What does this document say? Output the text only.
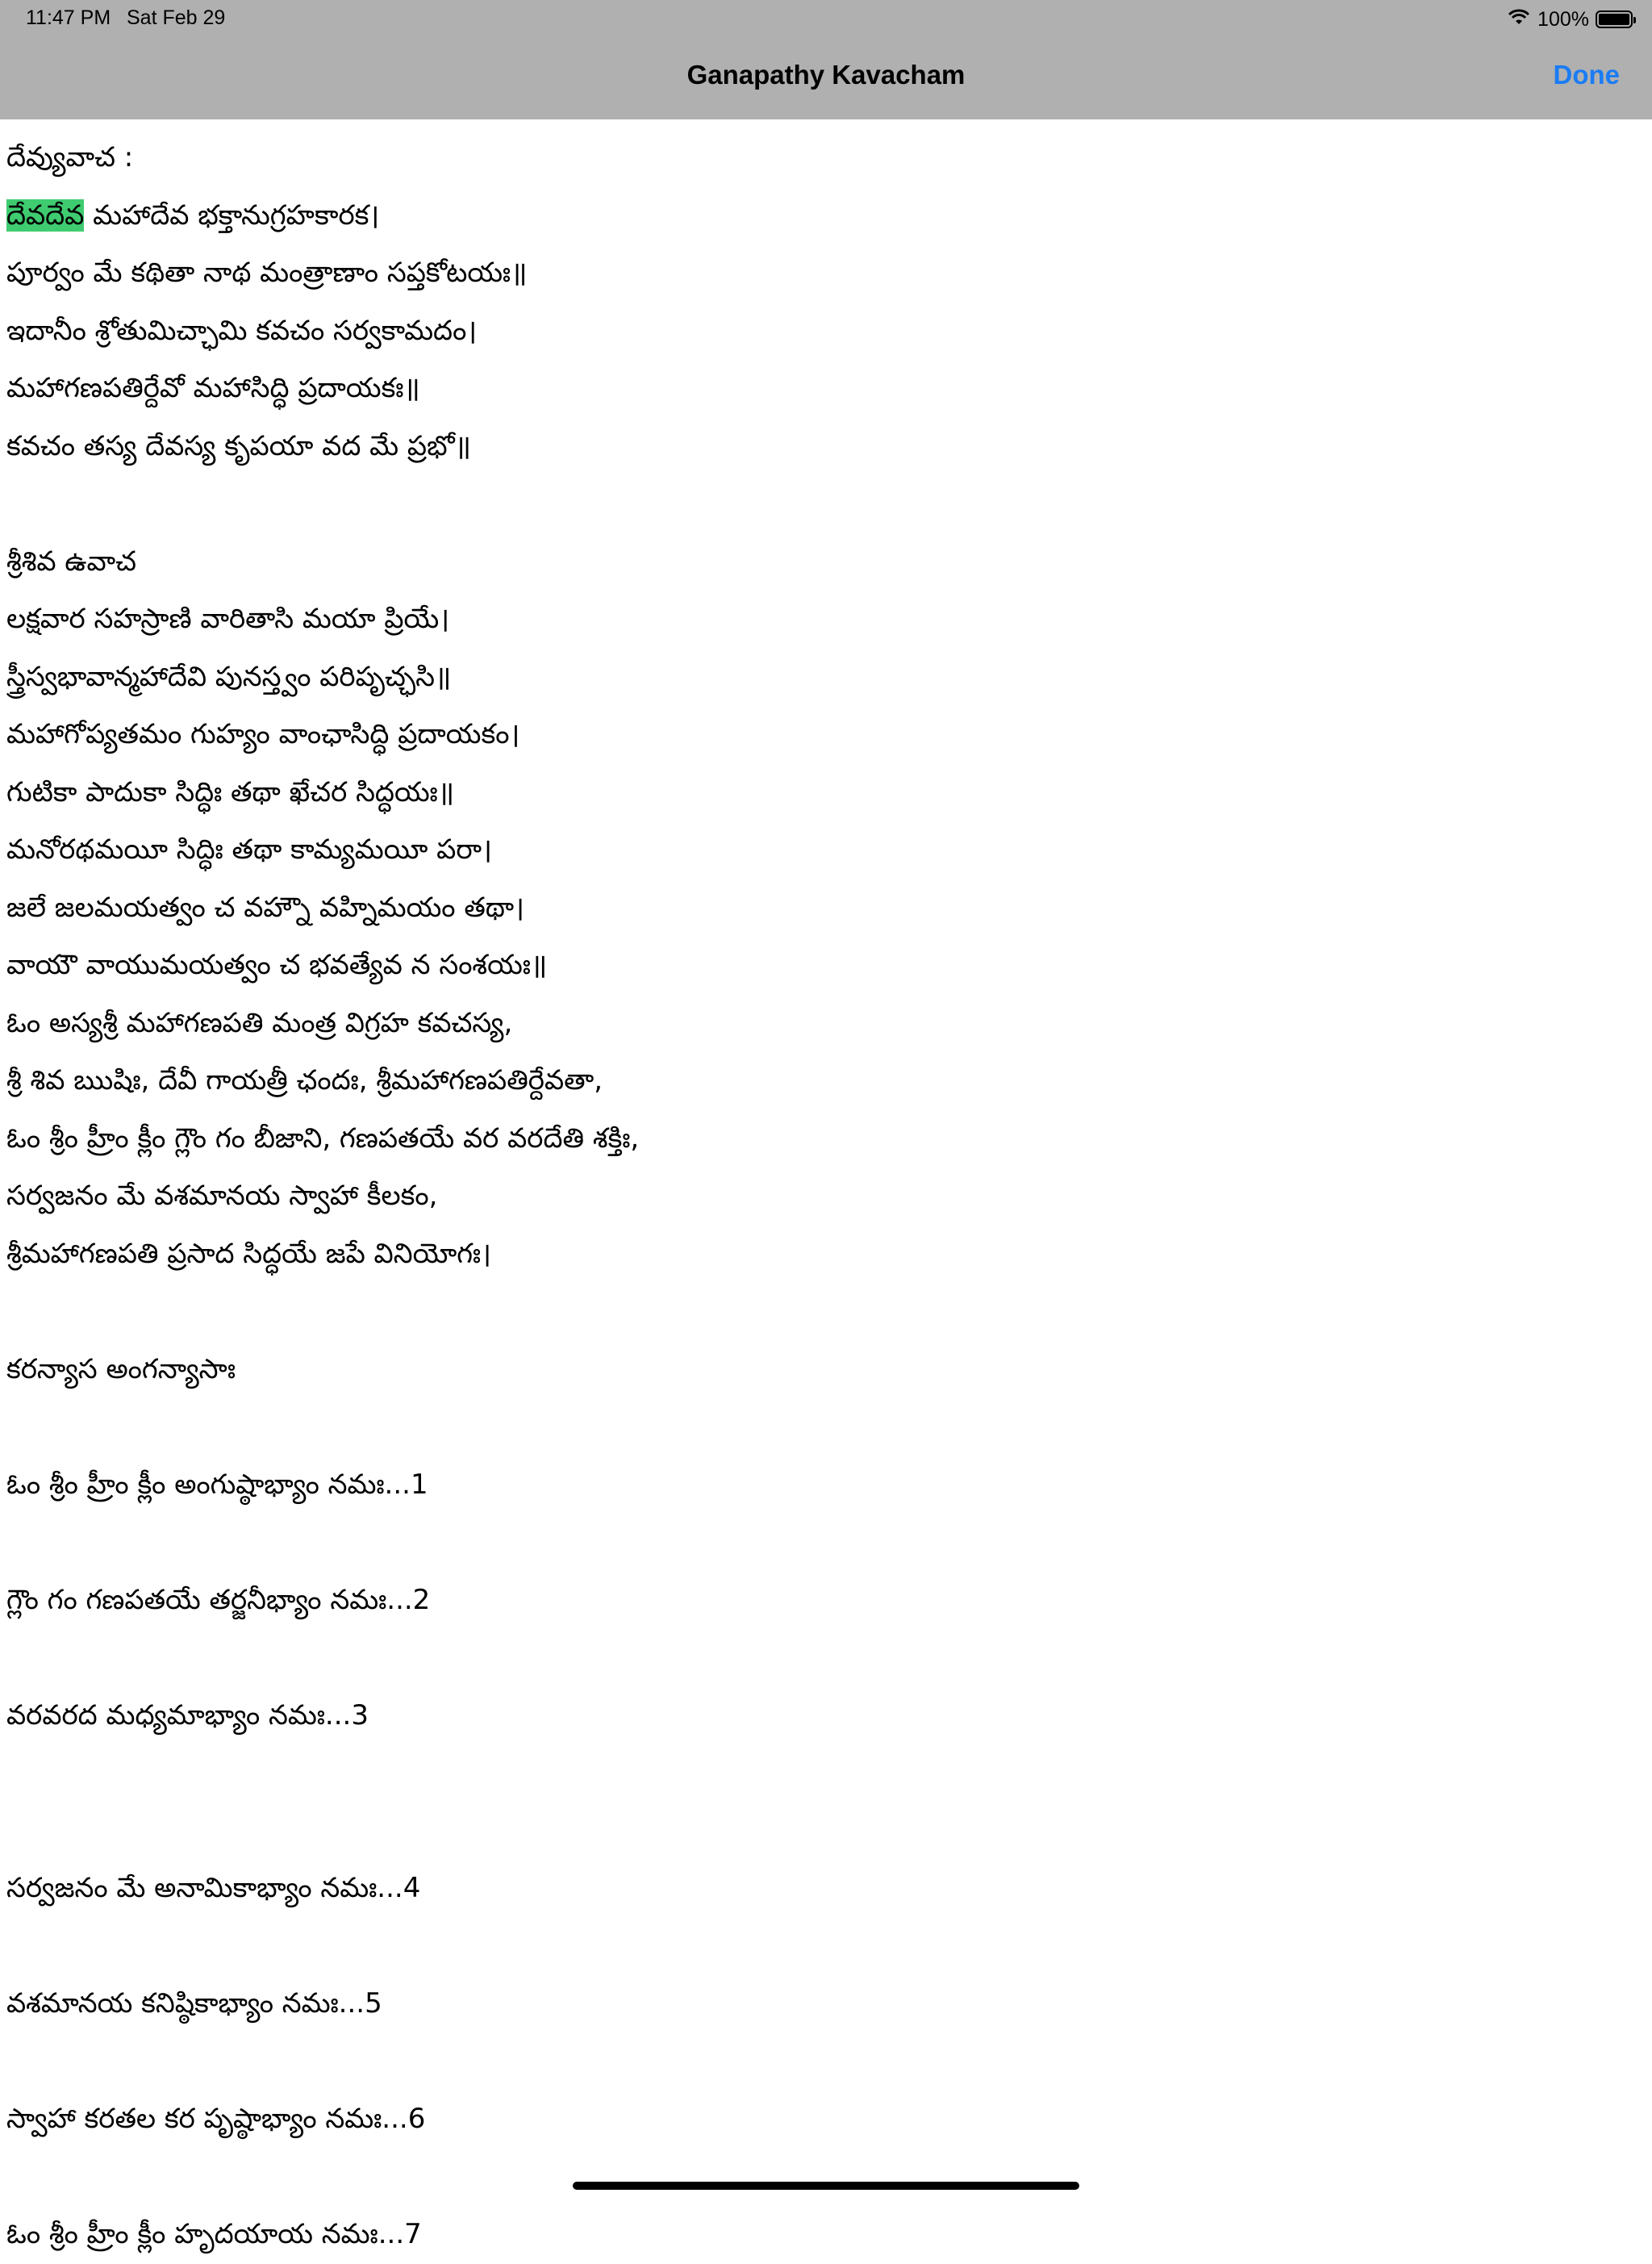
11:47 PM Sat Feb 29	100%
Ganapathy Kavacham	Done
దేవ్యువాచ :
దేవదేవ మహాదేవ భక్తానుగ్రహకారక।
పూర్వం మే కథితా నాథ మంత్రాణాం సప్తకోటయః॥
ఇదానీం శ్రోతుమిచ్ఛామి కవచం సర్వకామదం।
మహాగణపతిర్దేవో మహాసిద్ధి ప్రదాయకః॥
కవచం తస్య దేవస్య కృపయా వద మే ప్రభో॥

శ్రీశివ ఉవాచ
లక్షవార సహస్రాణి వారితాసి మయా ప్రియే।
స్త్రీస్వభావాన్మహాదేవి పునస్త్వం పరిపృచ్ఛసి॥
మహాగోప్యతమం గుహ్యం వాంఛాసిద్ధి ప్రదాయకం।
గుటికా పాదుకా సిద్ధిః తథా ఖేచర సిద్ధయః॥
మనోరథమయీ సిద్ధిః తథా కామ్యమయీ పరా।
జలే జలమయత్వం చ వహ్నౌ వహ్నిమయం తథా।
వాయౌ వాయుమయత్వం చ భవత్యేవ న సంశయః॥
ఓం అస్యశ్రీ మహాగణపతి మంత్ర విగ్రహ కవచస్య,
శ్రీ శివ ఋషిః, దేవీ గాయత్రీ ఛందః, శ్రీమహాగణపతిర్దేవతా,
ఓం శ్రీం హ్రీం క్లీం గ్లౌం గం బీజాని, గణపతయే వర వరదేతి శక్తిః,
సర్వజనం మే వశమానయ స్వాహా కీలకం,
శ్రీమహాగణపతి ప్రసాద సిద్ధయే జపే వినియోగః।

కరన్యాస అంగన్యాసాః

ఓం శ్రీం హ్రీం క్లీం అంగుష్ఠాభ్యాం నమః...1

గ్లౌం గం గణపతయే తర్జనీభ్యాం నమః...2

వరవరద మధ్యమాభ్యాం నమః...3

సర్వజనం మే అనామికాభ్యాం నమః...4

వశమానయ కనిష్ఠికాభ్యాం నమః...5

స్వాహా కరతల కర పృష్ఠాభ్యాం నమః...6

ఓం శ్రీం హ్రీం క్లీం హృదయాయ నమః...7
